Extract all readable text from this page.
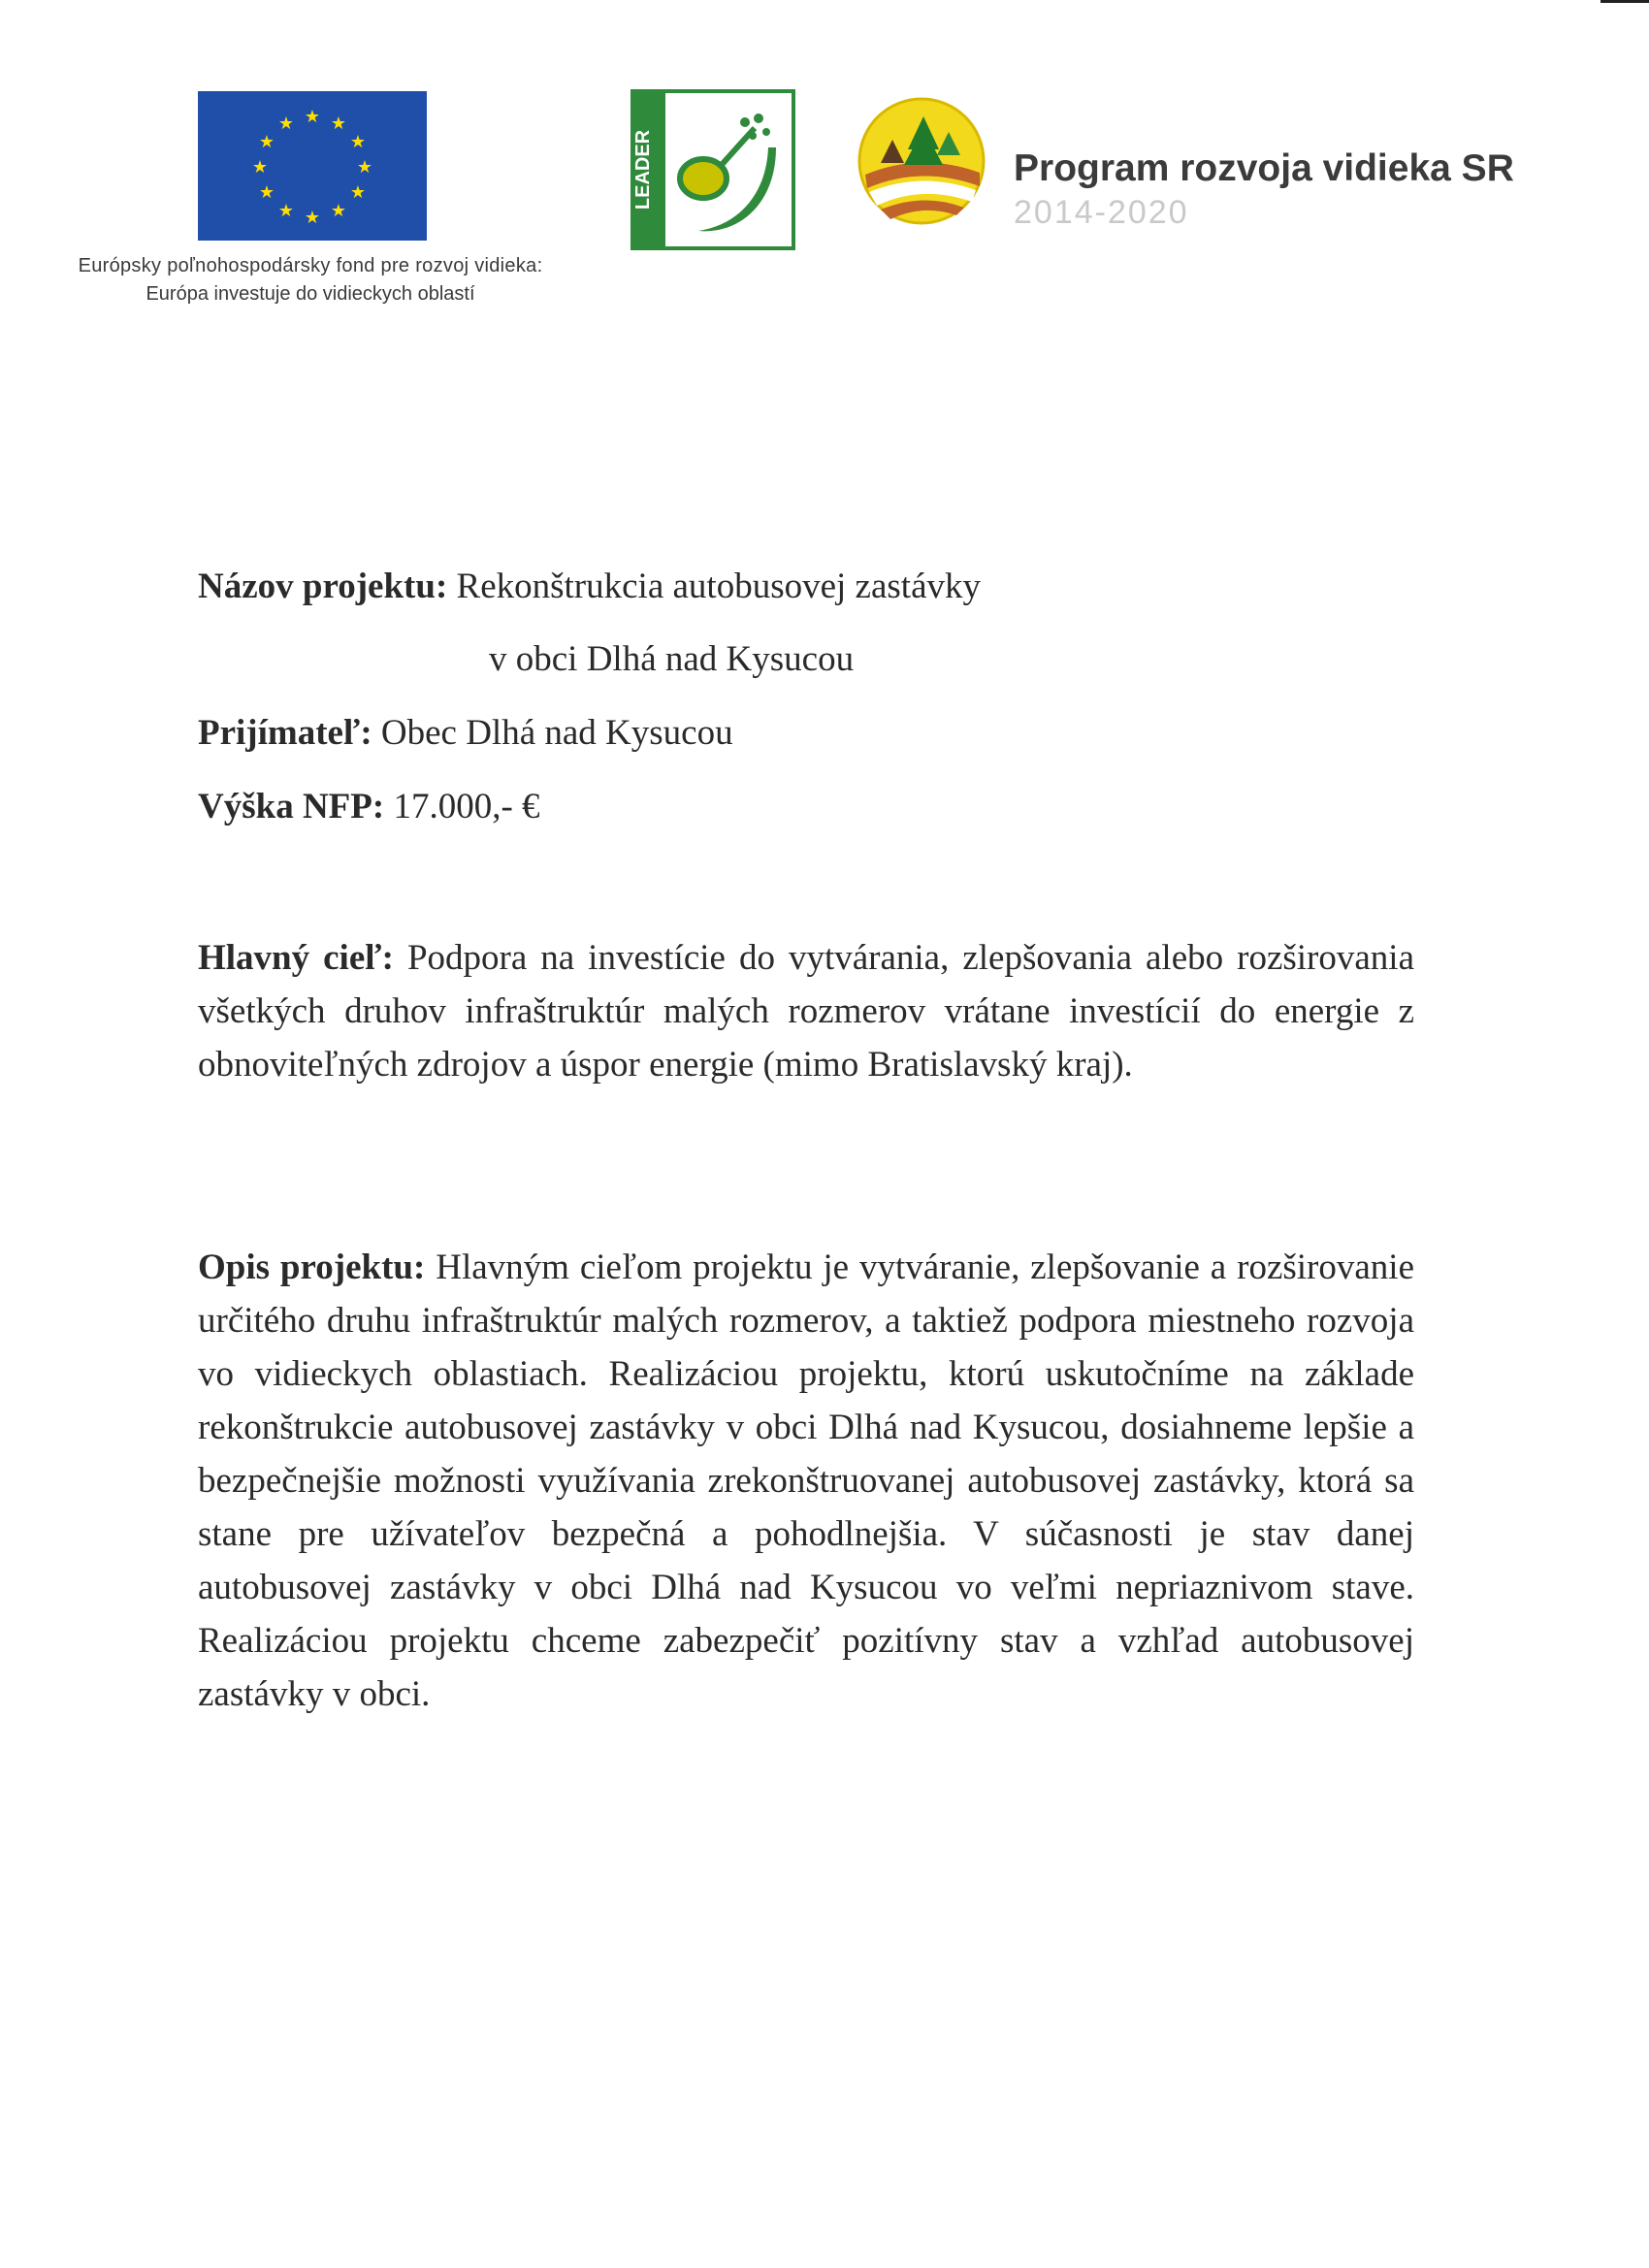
★ ★
★
★
★
★
★
★
★
★
★
★
Európsky poľnohospodársky fond pre rozvoj vidieka:
Európa investuje do vidieckych oblastí
LEADER	Program rozvoja vidieka SR
2014-2020
Názov projektu: Rekonštrukcia autobusovej zastávky
v obci Dlhá nad Kysucou
Prijímateľ: Obec Dlhá nad Kysucou
Výška NFP: 17.000,- €
Hlavný cieľ: Podpora na investície do vytvárania, zlepšovania alebo rozširovania všetkých druhov infraštruktúr malých rozmerov vrátane investícií do energie z obnoviteľných zdrojov a úspor energie (mimo Bratislavský kraj).
Opis projektu: Hlavným cieľom projektu je vytváranie, zlepšovanie a rozširovanie určitého druhu infraštruktúr malých rozmerov, a taktiež podpora miestneho rozvoja vo vidieckych oblastiach. Realizáciou projektu, ktorú uskutočníme na základe rekonštrukcie autobusovej zastávky v obci Dlhá nad Kysucou, dosiahneme lepšie a bezpečnejšie možnosti využívania zrekonštruovanej autobusovej zastávky, ktorá sa stane pre užívateľov bezpečná a pohodlnejšia. V súčasnosti je stav danej autobusovej zastávky v obci Dlhá nad Kysucou vo veľmi nepriaznivom stave. Realizáciou projektu chceme zabezpečiť pozitívny stav a vzhľad autobusovej zastávky v obci.
